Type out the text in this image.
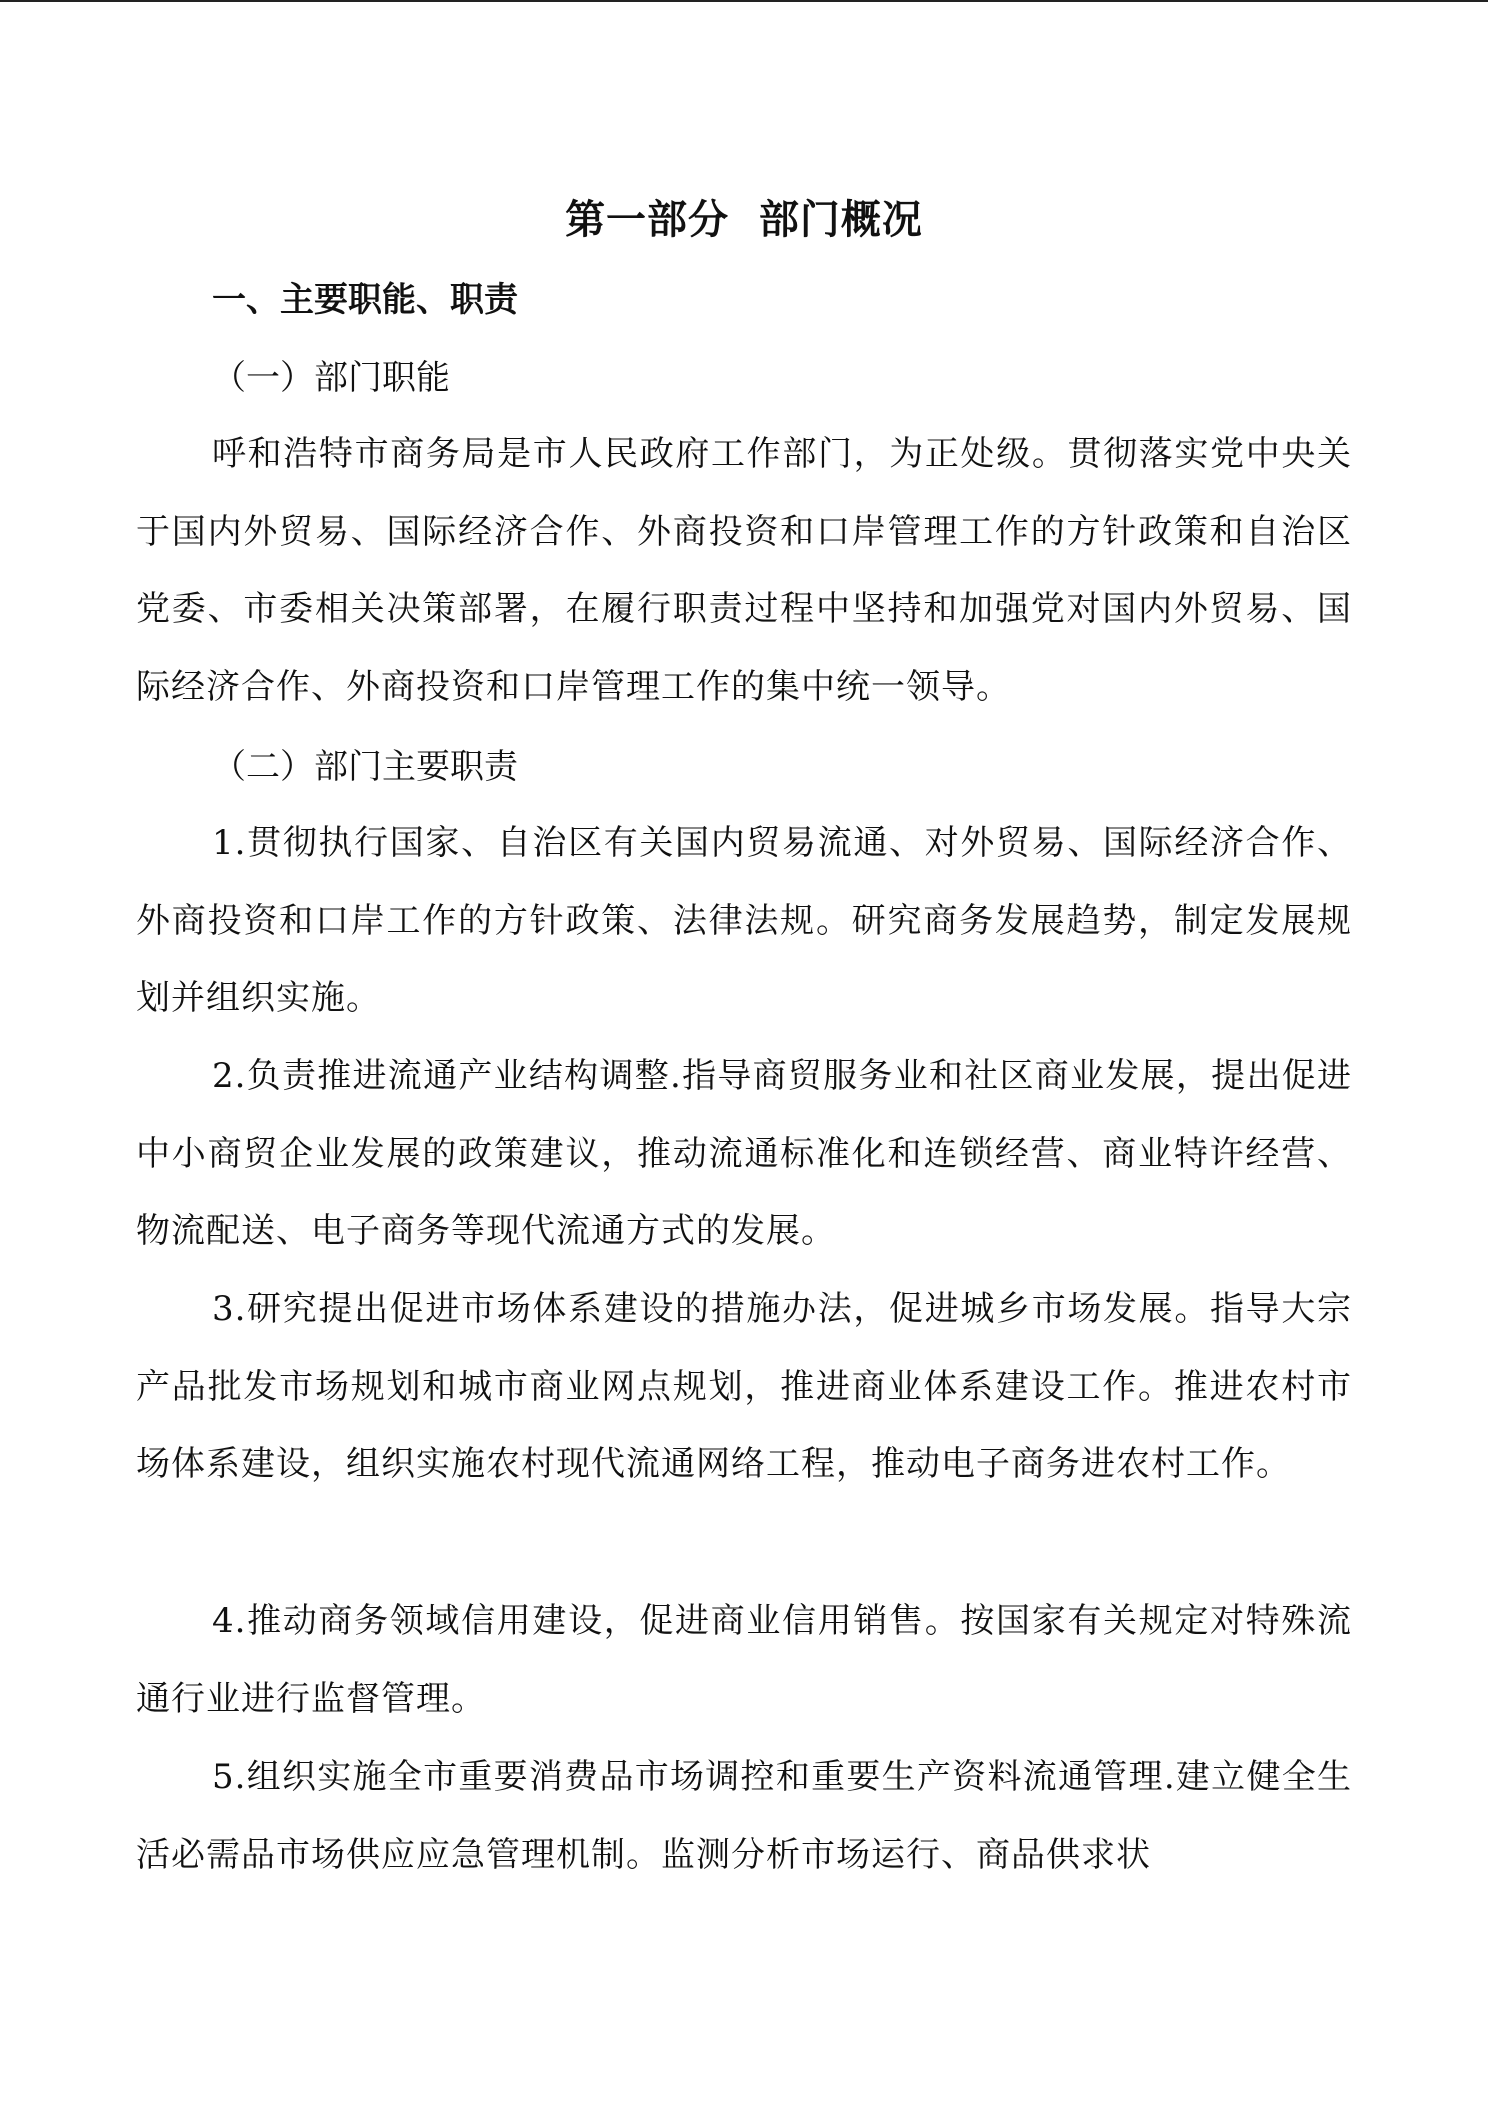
第一部分  部门概况
一、主要职能、职责
（一）部门职能

呼和浩特市商务局是市人民政府工作部门，为正处级。贯彻落实党中央关于国内外贸易、国际经济合作、外商投资和口岸管理工作的方针政策和自治区党委、市委相关决策部署，在履行职责过程中坚持和加强党对国内外贸易、国际经济合作、外商投资和口岸管理工作的集中统一领导。

（二）部门主要职责

1.贯彻执行国家、自治区有关国内贸易流通、对外贸易、国际经济合作、外商投资和口岸工作的方针政策、法律法规。研究商务发展趋势，制定发展规划并组织实施。

2.负责推进流通产业结构调整.指导商贸服务业和社区商业发展，提出促进中小商贸企业发展的政策建议，推动流通标准化和连锁经营、商业特许经营、物流配送、电子商务等现代流通方式的发展。

3.研究提出促进市场体系建设的措施办法，促进城乡市场发展。指导大宗产品批发市场规划和城市商业网点规划，推进商业体系建设工作。推进农村市场体系建设，组织实施农村现代流通网络工程，推动电子商务进农村工作。

4.推动商务领域信用建设，促进商业信用销售。按国家有关规定对特殊流通行业进行监督管理。

5.组织实施全市重要消费品市场调控和重要生产资料流通管理.建立健全生活必需品市场供应应急管理机制。监测分析市场运行、商品供求状
